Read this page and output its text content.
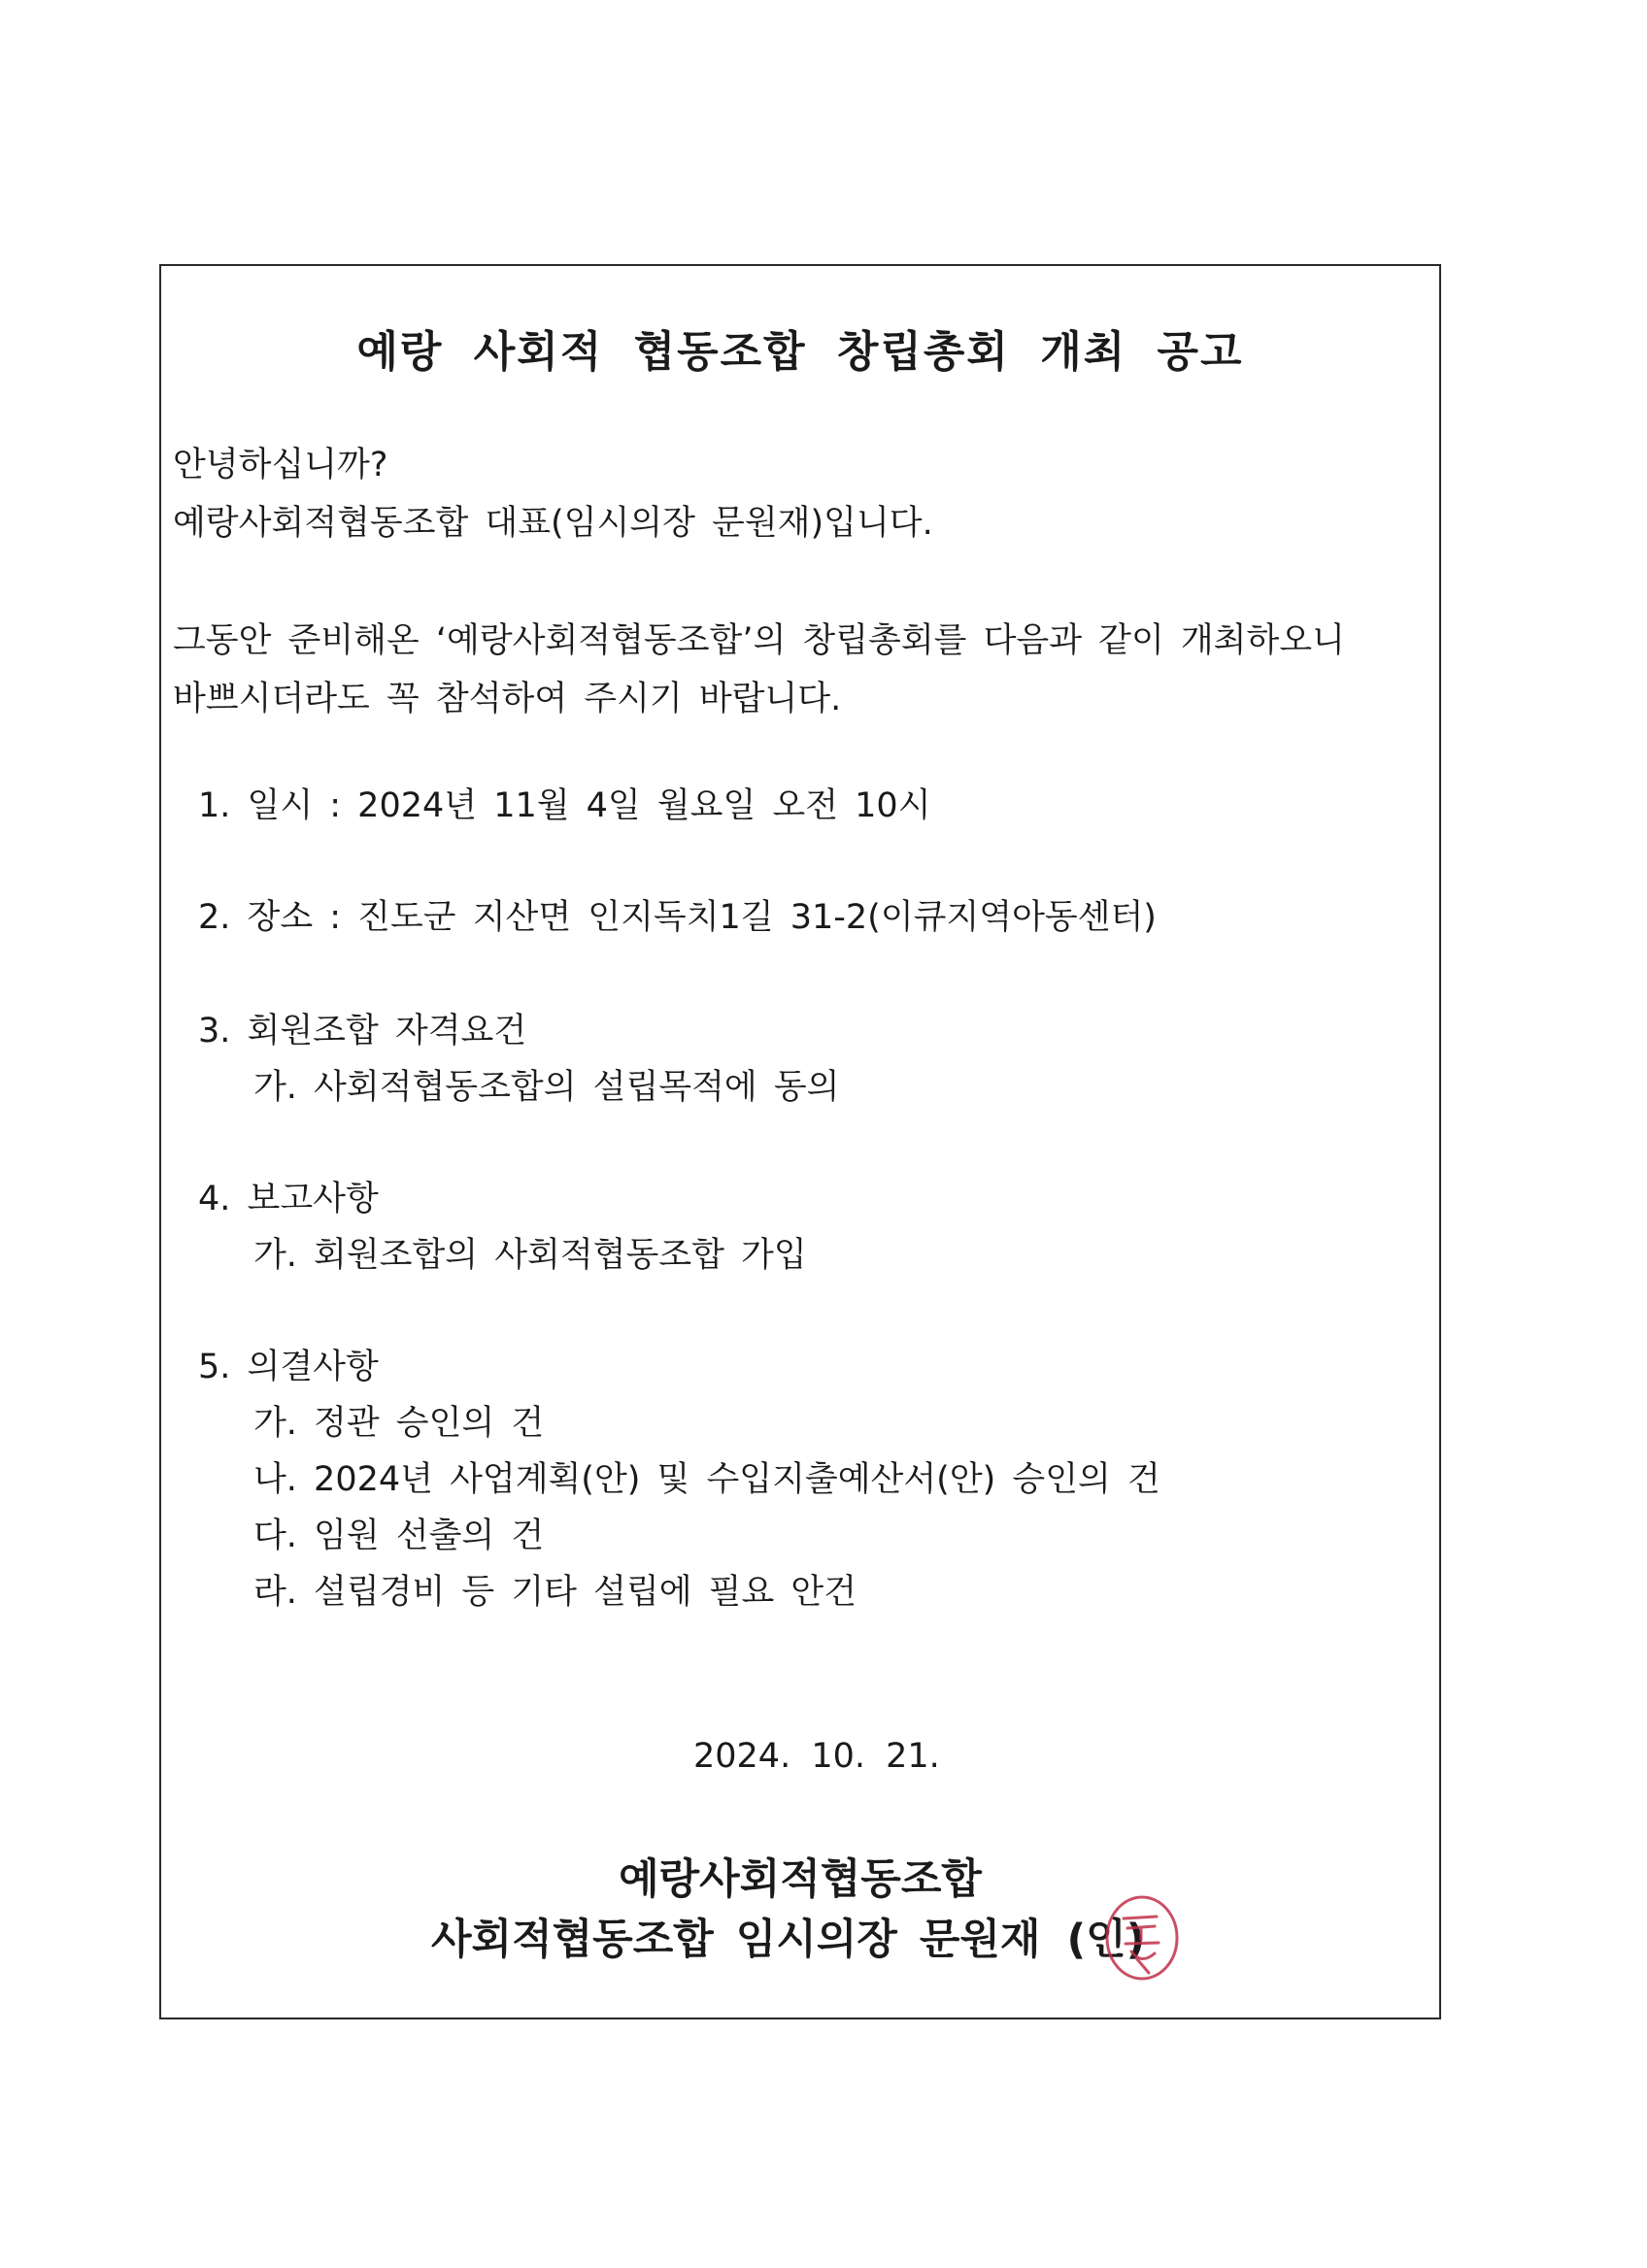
예랑 사회적 협동조합 창립총회 개최 공고
안녕하십니까?
예랑사회적협동조합 대표(임시의장 문원재)입니다.
그동안 준비해온 ‘예랑사회적협동조합’의 창립총회를 다음과 같이 개최하오니
바쁘시더라도 꼭 참석하여 주시기 바랍니다.
1. 일시 : 2024년 11월 4일 월요일 오전 10시
2. 장소 : 진도군 지산면 인지독치1길 31-2(이큐지역아동센터)
3. 회원조합 자격요건
가. 사회적협동조합의 설립목적에 동의
4. 보고사항
가. 회원조합의 사회적협동조합 가입
5. 의결사항
가. 정관 승인의 건
나. 2024년 사업계획(안) 및 수입지출예산서(안) 승인의 건
다. 임원 선출의 건
라. 설립경비 등 기타 설립에 필요 안건
2024. 10. 21.
예랑사회적협동조합
사회적협동조합 임시의장 문원재 (인)
